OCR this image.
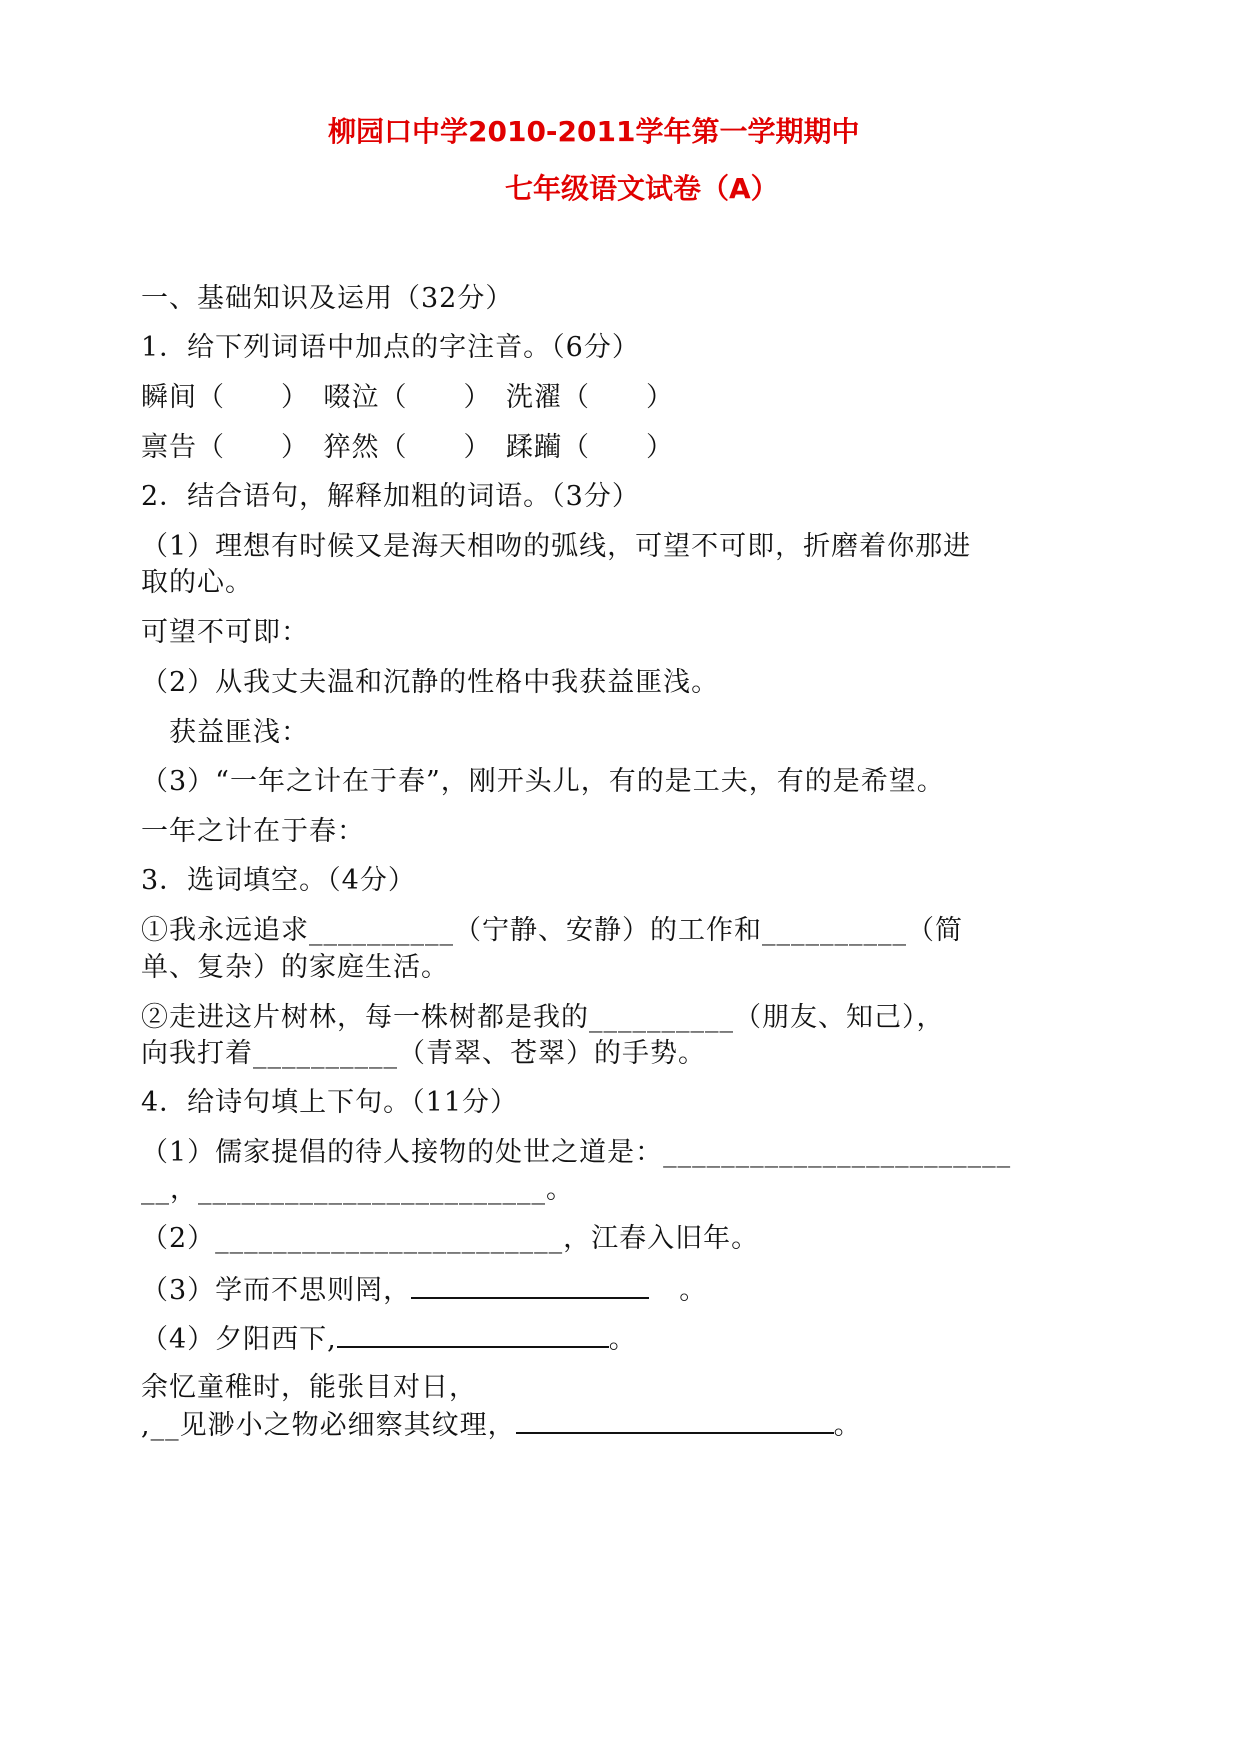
柳园口中学2010-2011学年第一学期期中
七年级语文试卷（A）
一、基础知识及运用（32分）
1．给下列词语中加点的字注音。（6分）
瞬间（　　）　啜泣（　　）　洗濯（　　）
禀告（　　）　猝然（　　）　蹂躏（　　）
2．结合语句，解释加粗的词语。（3分）
（1）理想有时候又是海天相吻的弧线，可望不可即，折磨着你那进
取的心。
可望不可即：
（2）从我丈夫温和沉静的性格中我获益匪浅。
获益匪浅：
（3）“一年之计在于春”，刚开头儿，有的是工夫，有的是希望。
一年之计在于春：
3．选词填空。（4分）
①我永远追求__________（宁静、安静）的工作和__________（简
单、复杂）的家庭生活。
②走进这片树林，每一株树都是我的__________（朋友、知己），
向我打着__________（青翠、苍翠）的手势。
4．给诗句填上下句。（11分）
（1）儒家提倡的待人接物的处世之道是：________________________
__，________________________。
（2）________________________，江春入旧年。
（3）学而不思则罔，	。
（4）夕阳西下,	。
余忆童稚时，能张目对日，
,__见渺小之物必细察其纹理，	。
